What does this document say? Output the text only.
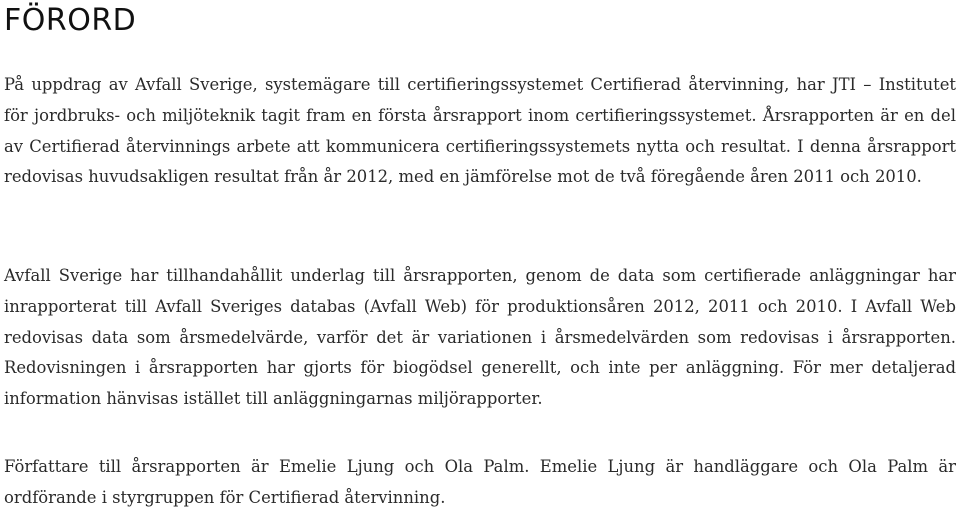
FÖRORD

På uppdrag av Avfall Sverige, systemägare till certifieringssystemet Certifierad återvinning, har JTI – Institutet för jordbruks- och miljöteknik tagit fram en första årsrapport inom certifieringssystemet. Årsrapporten är en del av Certifierad återvinnings arbete att kommunicera certifieringssystemets nytta och resultat. I denna årsrapport redovisas huvudsakligen resultat från år 2012, med en jämförelse mot de två föregående åren 2011 och 2010.

Avfall Sverige har tillhandahållit underlag till årsrapporten, genom de data som certifierade anläggningar har inrapporterat till Avfall Sveriges databas (Avfall Web) för produktionsåren 2012, 2011 och 2010. I Avfall Web redovisas data som årsmedelvärde, varför det är variationen i årsmedelvärden som redovisas i årsrapporten. Redovisningen i årsrapporten har gjorts för biogödsel generellt, och inte per anläggning. För mer detaljerad information hänvisas istället till anläggningarnas miljörapporter.

Författare till årsrapporten är Emelie Ljung och Ola Palm. Emelie Ljung är handläggare och Ola Palm är ordförande i styrgruppen för Certifierad återvinning.
